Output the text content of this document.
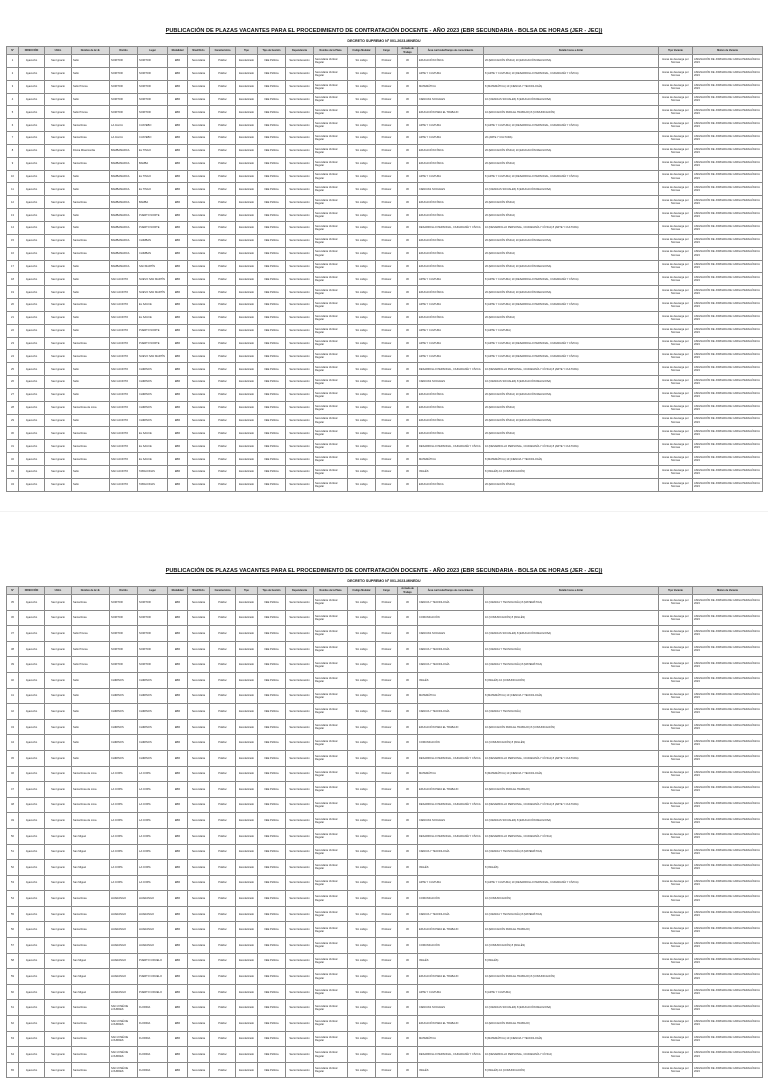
PUBLICACIÓN DE PLAZAS VACANTES PARA EL PROCEDIMIENTO DE CONTRATACIÓN DOCENTE - AÑO 2023 (EBR SECUNDARIA - BOLSA DE HORAS (JER - JEC))
DECRETO SUPREMO Nº 001-2023-MINEDU
Nº	DIRECCIÓN	UGEL	Nombre de la I.E.	Distrito	Lugar	Modalidad	Nivel/Ciclo	Característica	Tipo	Tipo de Gestión	Dependencia	Nombre de la Plaza	Código Modular	Cargo	Jornada de Trabajo	Área curricular/Campo de conocimiento	Detalle horas a dictar	Tipo Vacante	Motivo de Vacante
1	Ayacucho	San Ignacio	Sello	SORITOR	SORITOR	EBR	Secundaria	Polidoc	Escolarizado	IIEE Pública	Sector Educación	Secundaria Vertical Regular	Sin código	Profesor	30	EDUCACIÓN FÍSICA	20 (EDUCACIÓN FÍSICA) 10 (EDUCACIÓN RELIGIOSA)	Horas de descarga por Normas	ASIGNACIÓN DE JORNADA DE CARGA PEDAGÓGICA 2023
2	Ayacucho	San Ignacio	Sello	SORITOR	SORITOR	EBR	Secundaria	Polidoc	Escolarizado	IIEE Pública	Sector Educación	Secundaria Vertical Regular	Sin código	Profesor	30	ARTE Y CULTURA	8 (ARTE Y CULTURA) 10 (DESARROLLO PERSONAL, CIUDADANÍA Y CÍVICA)	Horas de descarga por Normas	ASIGNACIÓN DE JORNADA DE CARGA PEDAGÓGICA 2023
3	Ayacucho	San Ignacio	Sello Prisma	SORITOR	SORITOR	EBR	Secundaria	Polidoc	Escolarizado	IIEE Pública	Sector Educación	Secundaria Vertical Regular	Sin código	Profesor	30	MATEMÁTICA	8 (MATEMÁTICA) 10 (CIENCIA Y TECNOLOGÍA)	Horas de descarga por Normas	ASIGNACIÓN DE JORNADA DE CARGA PEDAGÓGICA 2023
4	Ayacucho	San Ignacio	Sello	SORITOR	SORITOR	EBR	Secundaria	Polidoc	Escolarizado	IIEE Pública	Sector Educación	Secundaria Vertical Regular	Sin código	Profesor	30	CIENCIAS SOCIALES	10 (CIENCIAS SOCIALES) 8 (EDUCACIÓN RELIGIOSA)	Horas de descarga por Normas	ASIGNACIÓN DE JORNADA DE CARGA PEDAGÓGICA 2023
5	Ayacucho	San Ignacio	Sello Prisma	SORITOR	SORITOR	EBR	Secundaria	Polidoc	Escolarizado	IIEE Pública	Sector Educación	Secundaria Vertical Regular	Sin código	Profesor	30	EDUCACIÓN PARA EL TRABAJO	10 (EDUCACIÓN PARA EL TRABAJO) 8 (COMUNICACIÓN)	Horas de descarga por Normas	ASIGNACIÓN DE JORNADA DE CARGA PEDAGÓGICA 2023
6	Ayacucho	San Ignacio	Santa Rosa	LA JALCA	CUATEBO	EBR	Secundaria	Polidoc	Escolarizado	IIEE Pública	Sector Educación	Secundaria Vertical Regular	Sin código	Profesor	30	ARTE Y CULTURA	8 (ARTE Y CULTURA) 10 (DESARROLLO PERSONAL, CIUDADANÍA Y CÍVICA)	Horas de descarga por Normas	ASIGNACIÓN DE JORNADA DE CARGA PEDAGÓGICA 2023
7	Ayacucho	San Ignacio	Santa Rosa	LA JALCA	CUATEBO	EBR	Secundaria	Polidoc	Escolarizado	IIEE Pública	Sector Educación	Secundaria Vertical Regular	Sin código	Profesor	30	ARTE Y CULTURA	20 (ARTE Y CULTURA)	Horas de descarga por Normas	ASIGNACIÓN DE JORNADA DE CARGA PEDAGÓGICA 2023
8	Ayacucho	San Ignacio	Divina Misericordia	BAMBAMARCA	EL TINGO	EBR	Secundaria	Polidoc	Escolarizado	IIEE Pública	Sector Educación	Secundaria Vertical Regular	Sin código	Profesor	30	EDUCACIÓN FÍSICA	20 (EDUCACIÓN FÍSICA) 10 (EDUCACIÓN RELIGIOSA)	Horas de descarga por Normas	ASIGNACIÓN DE JORNADA DE CARGA PEDAGÓGICA 2023
9	Ayacucho	San Ignacio	Santa Rosa	BAMBAMARCA	BAMBA	EBR	Secundaria	Polidoc	Escolarizado	IIEE Pública	Sector Educación	Secundaria Vertical Regular	Sin código	Profesor	30	EDUCACIÓN FÍSICA	20 (EDUCACIÓN FÍSICA)	Horas de descarga por Normas	ASIGNACIÓN DE JORNADA DE CARGA PEDAGÓGICA 2023
10	Ayacucho	San Ignacio	Sello	BAMBAMARCA	EL TINGO	EBR	Secundaria	Polidoc	Escolarizado	IIEE Pública	Sector Educación	Secundaria Vertical Regular	Sin código	Profesor	30	ARTE Y CULTURA	8 (ARTE Y CULTURA) 10 (DESARROLLO PERSONAL, CIUDADANÍA Y CÍVICA)	Horas de descarga por Normas	ASIGNACIÓN DE JORNADA DE CARGA PEDAGÓGICA 2023
11	Ayacucho	San Ignacio	Sello	BAMBAMARCA	EL TINGO	EBR	Secundaria	Polidoc	Escolarizado	IIEE Pública	Sector Educación	Secundaria Vertical Regular	Sin código	Profesor	30	CIENCIAS SOCIALES	10 (CIENCIAS SOCIALES) 8 (EDUCACIÓN RELIGIOSA)	Horas de descarga por Normas	ASIGNACIÓN DE JORNADA DE CARGA PEDAGÓGICA 2023
12	Ayacucho	San Ignacio	Santa Rosa	BAMBAMARCA	BAMBA	EBR	Secundaria	Polidoc	Escolarizado	IIEE Pública	Sector Educación	Secundaria Vertical Regular	Sin código	Profesor	30	EDUCACIÓN FÍSICA	20 (EDUCACIÓN FÍSICA)	Horas de descarga por Normas	ASIGNACIÓN DE JORNADA DE CARGA PEDAGÓGICA 2023
13	Ayacucho	San Ignacio	Sello	BAMBAMARCA	PUERTO NORTE	EBR	Secundaria	Polidoc	Escolarizado	IIEE Pública	Sector Educación	Secundaria Vertical Regular	Sin código	Profesor	30	EDUCACIÓN FÍSICA	20 (EDUCACIÓN FÍSICA)	Horas de descarga por Normas	ASIGNACIÓN DE JORNADA DE CARGA PEDAGÓGICA 2023
14	Ayacucho	San Ignacio	Sello	BAMBAMARCA	PUERTO NORTE	EBR	Secundaria	Polidoc	Escolarizado	IIEE Pública	Sector Educación	Secundaria Vertical Regular	Sin código	Profesor	30	DESARROLLO PERSONAL, CIUDADANÍA Y CÍVICA	10 (DESARROLLO PERSONAL, CIUDADANÍA Y CÍVICA) 8 (ARTE Y CULTURA)	Horas de descarga por Normas	ASIGNACIÓN DE JORNADA DE CARGA PEDAGÓGICA 2023
15	Ayacucho	San Ignacio	Santa Rosa	BAMBAMARCA	CHIMBAN	EBR	Secundaria	Polidoc	Escolarizado	IIEE Pública	Sector Educación	Secundaria Vertical Regular	Sin código	Profesor	30	EDUCACIÓN FÍSICA	20 (EDUCACIÓN FÍSICA) 10 (EDUCACIÓN RELIGIOSA)	Horas de descarga por Normas	ASIGNACIÓN DE JORNADA DE CARGA PEDAGÓGICA 2023
16	Ayacucho	San Ignacio	Santa Rosa	BAMBAMARCA	CHIMBAN	EBR	Secundaria	Polidoc	Escolarizado	IIEE Pública	Sector Educación	Secundaria Vertical Regular	Sin código	Profesor	30	EDUCACIÓN FÍSICA	20 (EDUCACIÓN FÍSICA)	Horas de descarga por Normas	ASIGNACIÓN DE JORNADA DE CARGA PEDAGÓGICA 2023
17	Ayacucho	San Ignacio	Sello	BAMBAMARCA	SAN MARTÍN	EBR	Secundaria	Polidoc	Escolarizado	IIEE Pública	Sector Educación	Secundaria Vertical Regular	Sin código	Profesor	30	EDUCACIÓN FÍSICA	20 (EDUCACIÓN FÍSICA) 10 (EDUCACIÓN RELIGIOSA)	Horas de descarga por Normas	ASIGNACIÓN DE JORNADA DE CARGA PEDAGÓGICA 2023
18	Ayacucho	San Ignacio	Sello	SAN JACINTO	NUEVO SAN MARTÍN	EBR	Secundaria	Polidoc	Escolarizado	IIEE Pública	Sector Educación	Secundaria Vertical Regular	Sin código	Profesor	30	ARTE Y CULTURA	8 (ARTE Y CULTURA) 10 (DESARROLLO PERSONAL, CIUDADANÍA Y CÍVICA)	Horas de descarga por Normas	ASIGNACIÓN DE JORNADA DE CARGA PEDAGÓGICA 2023
19	Ayacucho	San Ignacio	Sello	SAN JACINTO	NUEVO SAN MARTÍN	EBR	Secundaria	Polidoc	Escolarizado	IIEE Pública	Sector Educación	Secundaria Vertical Regular	Sin código	Profesor	30	EDUCACIÓN FÍSICA	20 (EDUCACIÓN FÍSICA) 10 (EDUCACIÓN RELIGIOSA)	Horas de descarga por Normas	ASIGNACIÓN DE JORNADA DE CARGA PEDAGÓGICA 2023
20	Ayacucho	San Ignacio	Santa Rosa	SAN JACINTO	EL SAUCE	EBR	Secundaria	Polidoc	Escolarizado	IIEE Pública	Sector Educación	Secundaria Vertical Regular	Sin código	Profesor	30	ARTE Y CULTURA	8 (ARTE Y CULTURA) 10 (DESARROLLO PERSONAL, CIUDADANÍA Y CÍVICA)	Horas de descarga por Normas	ASIGNACIÓN DE JORNADA DE CARGA PEDAGÓGICA 2023
21	Ayacucho	San Ignacio	Sello	SAN JACINTO	EL SAUCE	EBR	Secundaria	Polidoc	Escolarizado	IIEE Pública	Sector Educación	Secundaria Vertical Regular	Sin código	Profesor	30	EDUCACIÓN FÍSICA	20 (EDUCACIÓN FÍSICA)	Horas de descarga por Normas	ASIGNACIÓN DE JORNADA DE CARGA PEDAGÓGICA 2023
22	Ayacucho	San Ignacio	Sello	SAN JACINTO	PUERTO NORTE	EBR	Secundaria	Polidoc	Escolarizado	IIEE Pública	Sector Educación	Secundaria Vertical Regular	Sin código	Profesor	30	ARTE Y CULTURA	8 (ARTE Y CULTURA)	Horas de descarga por Normas	ASIGNACIÓN DE JORNADA DE CARGA PEDAGÓGICA 2023
23	Ayacucho	San Ignacio	Santa Rosa	SAN JACINTO	PUERTO NORTE	EBR	Secundaria	Polidoc	Escolarizado	IIEE Pública	Sector Educación	Secundaria Vertical Regular	Sin código	Profesor	30	ARTE Y CULTURA	8 (ARTE Y CULTURA) 10 (DESARROLLO PERSONAL, CIUDADANÍA Y CÍVICA)	Horas de descarga por Normas	ASIGNACIÓN DE JORNADA DE CARGA PEDAGÓGICA 2023
24	Ayacucho	San Ignacio	Santa Rosa	SAN JACINTO	NUEVO SAN MARTÍN	EBR	Secundaria	Polidoc	Escolarizado	IIEE Pública	Sector Educación	Secundaria Vertical Regular	Sin código	Profesor	30	ARTE Y CULTURA	8 (ARTE Y CULTURA) 10 (DESARROLLO PERSONAL, CIUDADANÍA Y CÍVICA)	Horas de descarga por Normas	ASIGNACIÓN DE JORNADA DE CARGA PEDAGÓGICA 2023
25	Ayacucho	San Ignacio	Sello	SAN JACINTO	CHIRINOS	EBR	Secundaria	Polidoc	Escolarizado	IIEE Pública	Sector Educación	Secundaria Vertical Regular	Sin código	Profesor	30	DESARROLLO PERSONAL, CIUDADANÍA Y CÍVICA	10 (DESARROLLO PERSONAL, CIUDADANÍA Y CÍVICA) 8 (ARTE Y CULTURA)	Horas de descarga por Normas	ASIGNACIÓN DE JORNADA DE CARGA PEDAGÓGICA 2023
26	Ayacucho	San Ignacio	Sello	SAN JACINTO	CHIRINOS	EBR	Secundaria	Polidoc	Escolarizado	IIEE Pública	Sector Educación	Secundaria Vertical Regular	Sin código	Profesor	30	CIENCIAS SOCIALES	10 (CIENCIAS SOCIALES) 8 (EDUCACIÓN RELIGIOSA)	Horas de descarga por Normas	ASIGNACIÓN DE JORNADA DE CARGA PEDAGÓGICA 2023
27	Ayacucho	San Ignacio	Sello	SAN JACINTO	CHIRINOS	EBR	Secundaria	Polidoc	Escolarizado	IIEE Pública	Sector Educación	Secundaria Vertical Regular	Sin código	Profesor	30	EDUCACIÓN FÍSICA	20 (EDUCACIÓN FÍSICA) 10 (EDUCACIÓN RELIGIOSA)	Horas de descarga por Normas	ASIGNACIÓN DE JORNADA DE CARGA PEDAGÓGICA 2023
28	Ayacucho	San Ignacio	Santa Rosa de Lima	SAN JACINTO	CHIRINOS	EBR	Secundaria	Polidoc	Escolarizado	IIEE Pública	Sector Educación	Secundaria Vertical Regular	Sin código	Profesor	30	EDUCACIÓN FÍSICA	20 (EDUCACIÓN FÍSICA)	Horas de descarga por Normas	ASIGNACIÓN DE JORNADA DE CARGA PEDAGÓGICA 2023
29	Ayacucho	San Ignacio	Sello	SAN JACINTO	CHIRINOS	EBR	Secundaria	Polidoc	Escolarizado	IIEE Pública	Sector Educación	Secundaria Vertical Regular	Sin código	Profesor	30	EDUCACIÓN FÍSICA	20 (EDUCACIÓN FÍSICA) 10 (EDUCACIÓN RELIGIOSA)	Horas de descarga por Normas	ASIGNACIÓN DE JORNADA DE CARGA PEDAGÓGICA 2023
30	Ayacucho	San Ignacio	Santa Rosa	SAN JACINTO	EL SAUCE	EBR	Secundaria	Polidoc	Escolarizado	IIEE Pública	Sector Educación	Secundaria Vertical Regular	Sin código	Profesor	30	EDUCACIÓN FÍSICA	20 (EDUCACIÓN FÍSICA)	Horas de descarga por Normas	ASIGNACIÓN DE JORNADA DE CARGA PEDAGÓGICA 2023
31	Ayacucho	San Ignacio	Santa Rosa	SAN JACINTO	EL SAUCE	EBR	Secundaria	Polidoc	Escolarizado	IIEE Pública	Sector Educación	Secundaria Vertical Regular	Sin código	Profesor	30	DESARROLLO PERSONAL, CIUDADANÍA Y CÍVICA	10 (DESARROLLO PERSONAL, CIUDADANÍA Y CÍVICA) 8 (ARTE Y CULTURA)	Horas de descarga por Normas	ASIGNACIÓN DE JORNADA DE CARGA PEDAGÓGICA 2023
32	Ayacucho	San Ignacio	Santa Rosa	SAN JACINTO	EL SAUCE	EBR	Secundaria	Polidoc	Escolarizado	IIEE Pública	Sector Educación	Secundaria Vertical Regular	Sin código	Profesor	30	MATEMÁTICA	8 (MATEMÁTICA) 10 (CIENCIA Y TECNOLOGÍA)	Horas de descarga por Normas	ASIGNACIÓN DE JORNADA DE CARGA PEDAGÓGICA 2023
33	Ayacucho	San Ignacio	Sello	SAN JACINTO	TABACONAS	EBR	Secundaria	Polidoc	Escolarizado	IIEE Pública	Sector Educación	Secundaria Vertical Regular	Sin código	Profesor	30	INGLÉS	8 (INGLÉS) 10 (COMUNICACIÓN)	Horas de descarga por Normas	ASIGNACIÓN DE JORNADA DE CARGA PEDAGÓGICA 2023
34	Ayacucho	San Ignacio	Sello	SAN JACINTO	TABACONAS	EBR	Secundaria	Polidoc	Escolarizado	IIEE Pública	Sector Educación	Secundaria Vertical Regular	Sin código	Profesor	30	EDUCACIÓN FÍSICA	20 (EDUCACIÓN FÍSICA)	Horas de descarga por Normas	ASIGNACIÓN DE JORNADA DE CARGA PEDAGÓGICA 2023
PUBLICACIÓN DE PLAZAS VACANTES PARA EL PROCEDIMIENTO DE CONTRATACIÓN DOCENTE - AÑO 2023 (EBR SECUNDARIA - BOLSA DE HORAS (JER - JEC))
DECRETO SUPREMO Nº 001-2023-MINEDU
Nº	DIRECCIÓN	UGEL	Nombre de la I.E.	Distrito	Lugar	Modalidad	Nivel/Ciclo	Característica	Tipo	Tipo de Gestión	Dependencia	Nombre de la Plaza	Código Modular	Cargo	Jornada de Trabajo	Área curricular/Campo de conocimiento	Detalle horas a dictar	Tipo Vacante	Motivo de Vacante
35	Ayacucho	San Ignacio	Santa Rosa	SORITOR	SORITOR	EBR	Secundaria	Polidoc	Escolarizado	IIEE Pública	Sector Educación	Secundaria Vertical Regular	Sin código	Profesor	30	CIENCIA Y TECNOLOGÍA	10 (CIENCIA Y TECNOLOGÍA) 8 (MATEMÁTICA)	Horas de descarga por Normas	ASIGNACIÓN DE JORNADA DE CARGA PEDAGÓGICA 2023
36	Ayacucho	San Ignacio	Santa Rosa	SORITOR	SORITOR	EBR	Secundaria	Polidoc	Escolarizado	IIEE Pública	Sector Educación	Secundaria Vertical Regular	Sin código	Profesor	30	COMUNICACIÓN	10 (COMUNICACIÓN) 8 (INGLÉS)	Horas de descarga por Normas	ASIGNACIÓN DE JORNADA DE CARGA PEDAGÓGICA 2023
37	Ayacucho	San Ignacio	Sello Prisma	SORITOR	SORITOR	EBR	Secundaria	Polidoc	Escolarizado	IIEE Pública	Sector Educación	Secundaria Vertical Regular	Sin código	Profesor	30	CIENCIAS SOCIALES	10 (CIENCIAS SOCIALES) 8 (EDUCACIÓN RELIGIOSA)	Horas de descarga por Normas	ASIGNACIÓN DE JORNADA DE CARGA PEDAGÓGICA 2023
38	Ayacucho	San Ignacio	Sello Prisma	SORITOR	SORITOR	EBR	Secundaria	Polidoc	Escolarizado	IIEE Pública	Sector Educación	Secundaria Vertical Regular	Sin código	Profesor	30	CIENCIA Y TECNOLOGÍA	10 (CIENCIA Y TECNOLOGÍA)	Horas de descarga por Normas	ASIGNACIÓN DE JORNADA DE CARGA PEDAGÓGICA 2023
39	Ayacucho	San Ignacio	Sello Prisma	SORITOR	SORITOR	EBR	Secundaria	Polidoc	Escolarizado	IIEE Pública	Sector Educación	Secundaria Vertical Regular	Sin código	Profesor	30	CIENCIA Y TECNOLOGÍA	10 (CIENCIA Y TECNOLOGÍA) 8 (MATEMÁTICA)	Horas de descarga por Normas	ASIGNACIÓN DE JORNADA DE CARGA PEDAGÓGICA 2023
40	Ayacucho	San Ignacio	Sello	CHIRINOS	CHIRINOS	EBR	Secundaria	Polidoc	Escolarizado	IIEE Pública	Sector Educación	Secundaria Vertical Regular	Sin código	Profesor	30	INGLÉS	8 (INGLÉS) 10 (COMUNICACIÓN)	Horas de descarga por Normas	ASIGNACIÓN DE JORNADA DE CARGA PEDAGÓGICA 2023
41	Ayacucho	San Ignacio	Sello	CHIRINOS	CHIRINOS	EBR	Secundaria	Polidoc	Escolarizado	IIEE Pública	Sector Educación	Secundaria Vertical Regular	Sin código	Profesor	30	MATEMÁTICA	8 (MATEMÁTICA) 10 (CIENCIA Y TECNOLOGÍA)	Horas de descarga por Normas	ASIGNACIÓN DE JORNADA DE CARGA PEDAGÓGICA 2023
42	Ayacucho	San Ignacio	Sello	CHIRINOS	CHIRINOS	EBR	Secundaria	Polidoc	Escolarizado	IIEE Pública	Sector Educación	Secundaria Vertical Regular	Sin código	Profesor	30	CIENCIA Y TECNOLOGÍA	10 (CIENCIA Y TECNOLOGÍA)	Horas de descarga por Normas	ASIGNACIÓN DE JORNADA DE CARGA PEDAGÓGICA 2023
43	Ayacucho	San Ignacio	Sello	CHIRINOS	CHIRINOS	EBR	Secundaria	Polidoc	Escolarizado	IIEE Pública	Sector Educación	Secundaria Vertical Regular	Sin código	Profesor	30	EDUCACIÓN PARA EL TRABAJO	10 (EDUCACIÓN PARA EL TRABAJO) 8 (COMUNICACIÓN)	Horas de descarga por Normas	ASIGNACIÓN DE JORNADA DE CARGA PEDAGÓGICA 2023
44	Ayacucho	San Ignacio	Sello	CHIRINOS	CHIRINOS	EBR	Secundaria	Polidoc	Escolarizado	IIEE Pública	Sector Educación	Secundaria Vertical Regular	Sin código	Profesor	30	COMUNICACIÓN	10 (COMUNICACIÓN) 8 (INGLÉS)	Horas de descarga por Normas	ASIGNACIÓN DE JORNADA DE CARGA PEDAGÓGICA 2023
45	Ayacucho	San Ignacio	Sello	CHIRINOS	CHIRINOS	EBR	Secundaria	Polidoc	Escolarizado	IIEE Pública	Sector Educación	Secundaria Vertical Regular	Sin código	Profesor	30	DESARROLLO PERSONAL, CIUDADANÍA Y CÍVICA	10 (DESARROLLO PERSONAL, CIUDADANÍA Y CÍVICA) 8 (ARTE Y CULTURA)	Horas de descarga por Normas	ASIGNACIÓN DE JORNADA DE CARGA PEDAGÓGICA 2023
46	Ayacucho	San Ignacio	Santa Rosa de Lima	LA COIPA	LA COIPA	EBR	Secundaria	Polidoc	Escolarizado	IIEE Pública	Sector Educación	Secundaria Vertical Regular	Sin código	Profesor	30	MATEMÁTICA	8 (MATEMÁTICA) 10 (CIENCIA Y TECNOLOGÍA)	Horas de descarga por Normas	ASIGNACIÓN DE JORNADA DE CARGA PEDAGÓGICA 2023
47	Ayacucho	San Ignacio	Santa Rosa de Lima	LA COIPA	LA COIPA	EBR	Secundaria	Polidoc	Escolarizado	IIEE Pública	Sector Educación	Secundaria Vertical Regular	Sin código	Profesor	30	EDUCACIÓN PARA EL TRABAJO	10 (EDUCACIÓN PARA EL TRABAJO)	Horas de descarga por Normas	ASIGNACIÓN DE JORNADA DE CARGA PEDAGÓGICA 2023
48	Ayacucho	San Ignacio	Santa Rosa de Lima	LA COIPA	LA COIPA	EBR	Secundaria	Polidoc	Escolarizado	IIEE Pública	Sector Educación	Secundaria Vertical Regular	Sin código	Profesor	30	DESARROLLO PERSONAL, CIUDADANÍA Y CÍVICA	10 (DESARROLLO PERSONAL, CIUDADANÍA Y CÍVICA) 8 (ARTE Y CULTURA)	Horas de descarga por Normas	ASIGNACIÓN DE JORNADA DE CARGA PEDAGÓGICA 2023
49	Ayacucho	San Ignacio	Santa Rosa de Lima	LA COIPA	LA COIPA	EBR	Secundaria	Polidoc	Escolarizado	IIEE Pública	Sector Educación	Secundaria Vertical Regular	Sin código	Profesor	30	CIENCIAS SOCIALES	10 (CIENCIAS SOCIALES) 8 (EDUCACIÓN RELIGIOSA)	Horas de descarga por Normas	ASIGNACIÓN DE JORNADA DE CARGA PEDAGÓGICA 2023
50	Ayacucho	San Ignacio	San Miguel	LA COIPA	LA COIPA	EBR	Secundaria	Polidoc	Escolarizado	IIEE Pública	Sector Educación	Secundaria Vertical Regular	Sin código	Profesor	30	DESARROLLO PERSONAL, CIUDADANÍA Y CÍVICA	10 (DESARROLLO PERSONAL, CIUDADANÍA Y CÍVICA)	Horas de descarga por Normas	ASIGNACIÓN DE JORNADA DE CARGA PEDAGÓGICA 2023
51	Ayacucho	San Ignacio	San Miguel	LA COIPA	LA COIPA	EBR	Secundaria	Polidoc	Escolarizado	IIEE Pública	Sector Educación	Secundaria Vertical Regular	Sin código	Profesor	30	CIENCIA Y TECNOLOGÍA	10 (CIENCIA Y TECNOLOGÍA) 8 (MATEMÁTICA)	Horas de descarga por Normas	ASIGNACIÓN DE JORNADA DE CARGA PEDAGÓGICA 2023
52	Ayacucho	San Ignacio	San Miguel	LA COIPA	LA COIPA	EBR	Secundaria	Polidoc	Escolarizado	IIEE Pública	Sector Educación	Secundaria Vertical Regular	Sin código	Profesor	30	INGLÉS	8 (INGLÉS)	Horas de descarga por Normas	ASIGNACIÓN DE JORNADA DE CARGA PEDAGÓGICA 2023
53	Ayacucho	San Ignacio	San Miguel	LA COIPA	LA COIPA	EBR	Secundaria	Polidoc	Escolarizado	IIEE Pública	Sector Educación	Secundaria Vertical Regular	Sin código	Profesor	30	ARTE Y CULTURA	8 (ARTE Y CULTURA) 10 (DESARROLLO PERSONAL, CIUDADANÍA Y CÍVICA)	Horas de descarga por Normas	ASIGNACIÓN DE JORNADA DE CARGA PEDAGÓGICA 2023
54	Ayacucho	San Ignacio	Santa Rosa	HUARANGO	HUARANGO	EBR	Secundaria	Polidoc	Escolarizado	IIEE Pública	Sector Educación	Secundaria Vertical Regular	Sin código	Profesor	30	COMUNICACIÓN	10 (COMUNICACIÓN)	Horas de descarga por Normas	ASIGNACIÓN DE JORNADA DE CARGA PEDAGÓGICA 2023
55	Ayacucho	San Ignacio	Santa Rosa	HUARANGO	HUARANGO	EBR	Secundaria	Polidoc	Escolarizado	IIEE Pública	Sector Educación	Secundaria Vertical Regular	Sin código	Profesor	30	CIENCIA Y TECNOLOGÍA	10 (CIENCIA Y TECNOLOGÍA) 8 (MATEMÁTICA)	Horas de descarga por Normas	ASIGNACIÓN DE JORNADA DE CARGA PEDAGÓGICA 2023
56	Ayacucho	San Ignacio	Santa Rosa	HUARANGO	HUARANGO	EBR	Secundaria	Polidoc	Escolarizado	IIEE Pública	Sector Educación	Secundaria Vertical Regular	Sin código	Profesor	30	EDUCACIÓN PARA EL TRABAJO	10 (EDUCACIÓN PARA EL TRABAJO)	Horas de descarga por Normas	ASIGNACIÓN DE JORNADA DE CARGA PEDAGÓGICA 2023
57	Ayacucho	San Ignacio	Santa Rosa	HUARANGO	HUARANGO	EBR	Secundaria	Polidoc	Escolarizado	IIEE Pública	Sector Educación	Secundaria Vertical Regular	Sin código	Profesor	30	COMUNICACIÓN	10 (COMUNICACIÓN) 8 (INGLÉS)	Horas de descarga por Normas	ASIGNACIÓN DE JORNADA DE CARGA PEDAGÓGICA 2023
58	Ayacucho	San Ignacio	San Miguel	HUARANGO	PUERTO CIRUELO	EBR	Secundaria	Polidoc	Escolarizado	IIEE Pública	Sector Educación	Secundaria Vertical Regular	Sin código	Profesor	30	INGLÉS	8 (INGLÉS)	Horas de descarga por Normas	ASIGNACIÓN DE JORNADA DE CARGA PEDAGÓGICA 2023
59	Ayacucho	San Ignacio	San Miguel	HUARANGO	PUERTO CIRUELO	EBR	Secundaria	Polidoc	Escolarizado	IIEE Pública	Sector Educación	Secundaria Vertical Regular	Sin código	Profesor	30	EDUCACIÓN PARA EL TRABAJO	10 (EDUCACIÓN PARA EL TRABAJO) 8 (COMUNICACIÓN)	Horas de descarga por Normas	ASIGNACIÓN DE JORNADA DE CARGA PEDAGÓGICA 2023
60	Ayacucho	San Ignacio	San Miguel	HUARANGO	PUERTO CIRUELO	EBR	Secundaria	Polidoc	Escolarizado	IIEE Pública	Sector Educación	Secundaria Vertical Regular	Sin código	Profesor	30	ARTE Y CULTURA	8 (ARTE Y CULTURA)	Horas de descarga por Normas	ASIGNACIÓN DE JORNADA DE CARGA PEDAGÓGICA 2023
61	Ayacucho	San Ignacio	Santa Rosa	SAN JOSÉ DE LOURDES	FLORIDA	EBR	Secundaria	Polidoc	Escolarizado	IIEE Pública	Sector Educación	Secundaria Vertical Regular	Sin código	Profesor	30	CIENCIAS SOCIALES	10 (CIENCIAS SOCIALES) 8 (EDUCACIÓN RELIGIOSA)	Horas de descarga por Normas	ASIGNACIÓN DE JORNADA DE CARGA PEDAGÓGICA 2023
62	Ayacucho	San Ignacio	Santa Rosa	SAN JOSÉ DE LOURDES	FLORIDA	EBR	Secundaria	Polidoc	Escolarizado	IIEE Pública	Sector Educación	Secundaria Vertical Regular	Sin código	Profesor	30	EDUCACIÓN PARA EL TRABAJO	10 (EDUCACIÓN PARA EL TRABAJO)	Horas de descarga por Normas	ASIGNACIÓN DE JORNADA DE CARGA PEDAGÓGICA 2023
63	Ayacucho	San Ignacio	Santa Rosa	SAN JOSÉ DE LOURDES	FLORIDA	EBR	Secundaria	Polidoc	Escolarizado	IIEE Pública	Sector Educación	Secundaria Vertical Regular	Sin código	Profesor	30	MATEMÁTICA	8 (MATEMÁTICA) 10 (CIENCIA Y TECNOLOGÍA)	Horas de descarga por Normas	ASIGNACIÓN DE JORNADA DE CARGA PEDAGÓGICA 2023
64	Ayacucho	San Ignacio	Santa Rosa	SAN JOSÉ DE LOURDES	FLORIDA	EBR	Secundaria	Polidoc	Escolarizado	IIEE Pública	Sector Educación	Secundaria Vertical Regular	Sin código	Profesor	30	DESARROLLO PERSONAL, CIUDADANÍA Y CÍVICA	10 (DESARROLLO PERSONAL, CIUDADANÍA Y CÍVICA)	Horas de descarga por Normas	ASIGNACIÓN DE JORNADA DE CARGA PEDAGÓGICA 2023
65	Ayacucho	San Ignacio	Santa Rosa	SAN JOSÉ DE LOURDES	FLORIDA	EBR	Secundaria	Polidoc	Escolarizado	IIEE Pública	Sector Educación	Secundaria Vertical Regular	Sin código	Profesor	30	INGLÉS	8 (INGLÉS) 10 (COMUNICACIÓN)	Horas de descarga por Normas	ASIGNACIÓN DE JORNADA DE CARGA PEDAGÓGICA 2023
